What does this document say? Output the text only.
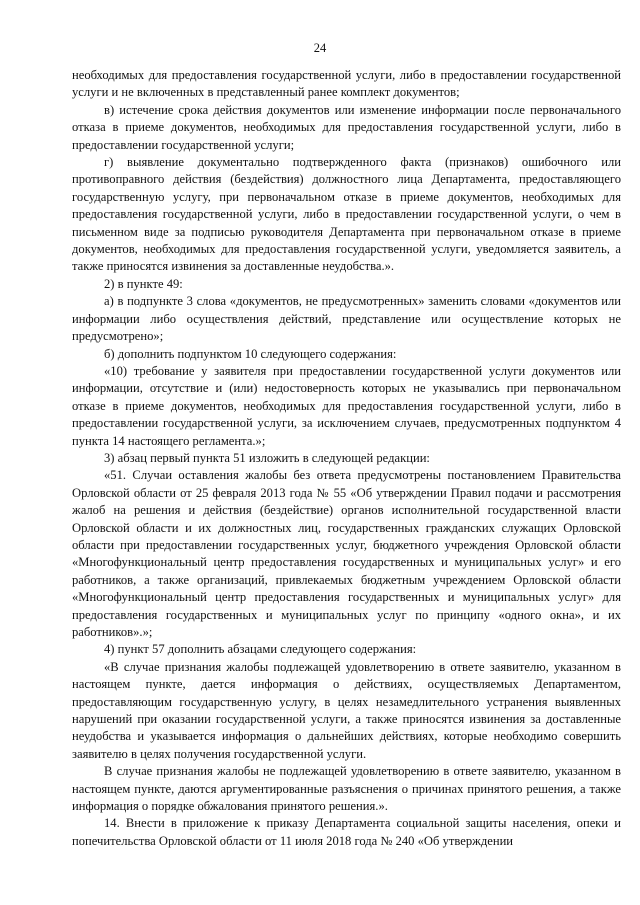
24

необходимых для предоставления государственной услуги, либо в предоставлении государственной услуги и не включенных в представленный ранее комплект документов;

в) истечение срока действия документов или изменение информации после первоначального отказа в приеме документов, необходимых для предоставления государственной услуги, либо в предоставлении государственной услуги;

г) выявление документально подтвержденного факта (признаков) ошибочного или противоправного действия (бездействия) должностного лица Департамента, предоставляющего государственную услугу, при первоначальном отказе в приеме документов, необходимых для предоставления государственной услуги, либо в предоставлении государственной услуги, о чем в письменном виде за подписью руководителя Департамента при первоначальном отказе в приеме документов, необходимых для предоставления государственной услуги, уведомляется заявитель, а также приносятся извинения за доставленные неудобства.».

2) в пункте 49:

а) в подпункте 3 слова «документов, не предусмотренных» заменить словами «документов или информации либо осуществления действий, представление или осуществление которых не предусмотрено»;

б) дополнить подпунктом 10 следующего содержания:

«10) требование у заявителя при предоставлении государственной услуги документов или информации, отсутствие и (или) недостоверность которых не указывались при первоначальном отказе в приеме документов, необходимых для предоставления государственной услуги, либо в предоставлении государственной услуги, за исключением случаев, предусмотренных подпунктом 4 пункта 14 настоящего регламента.»;

3) абзац первый пункта 51 изложить в следующей редакции:

«51. Случаи оставления жалобы без ответа предусмотрены постановлением Правительства Орловской области от 25 февраля 2013 года № 55 «Об утверждении Правил подачи и рассмотрения жалоб на решения и действия (бездействие) органов исполнительной государственной власти Орловской области и их должностных лиц, государственных гражданских служащих Орловской области при предоставлении государственных услуг, бюджетного учреждения Орловской области «Многофункциональный центр предоставления государственных и муниципальных услуг» и его работников, а также организаций, привлекаемых бюджетным учреждением Орловской области «Многофункциональный центр предоставления государственных и муниципальных услуг» для предоставления государственных и муниципальных услуг по принципу «одного окна», и их работников».»;

4) пункт 57 дополнить абзацами следующего содержания:

«В случае признания жалобы подлежащей удовлетворению в ответе заявителю, указанном в настоящем пункте, дается информация о действиях, осуществляемых Департаментом, предоставляющим государственную услугу, в целях незамедлительного устранения выявленных нарушений при оказании государственной услуги, а также приносятся извинения за доставленные неудобства и указывается информация о дальнейших действиях, которые необходимо совершить заявителю в целях получения государственной услуги.

В случае признания жалобы не подлежащей удовлетворению в ответе заявителю, указанном в настоящем пункте, даются аргументированные разъяснения о причинах принятого решения, а также информация о порядке обжалования принятого решения.».

14. Внести в приложение к приказу Департамента социальной защиты населения, опеки и попечительства Орловской области от 11 июля 2018 года № 240 «Об утверждении
